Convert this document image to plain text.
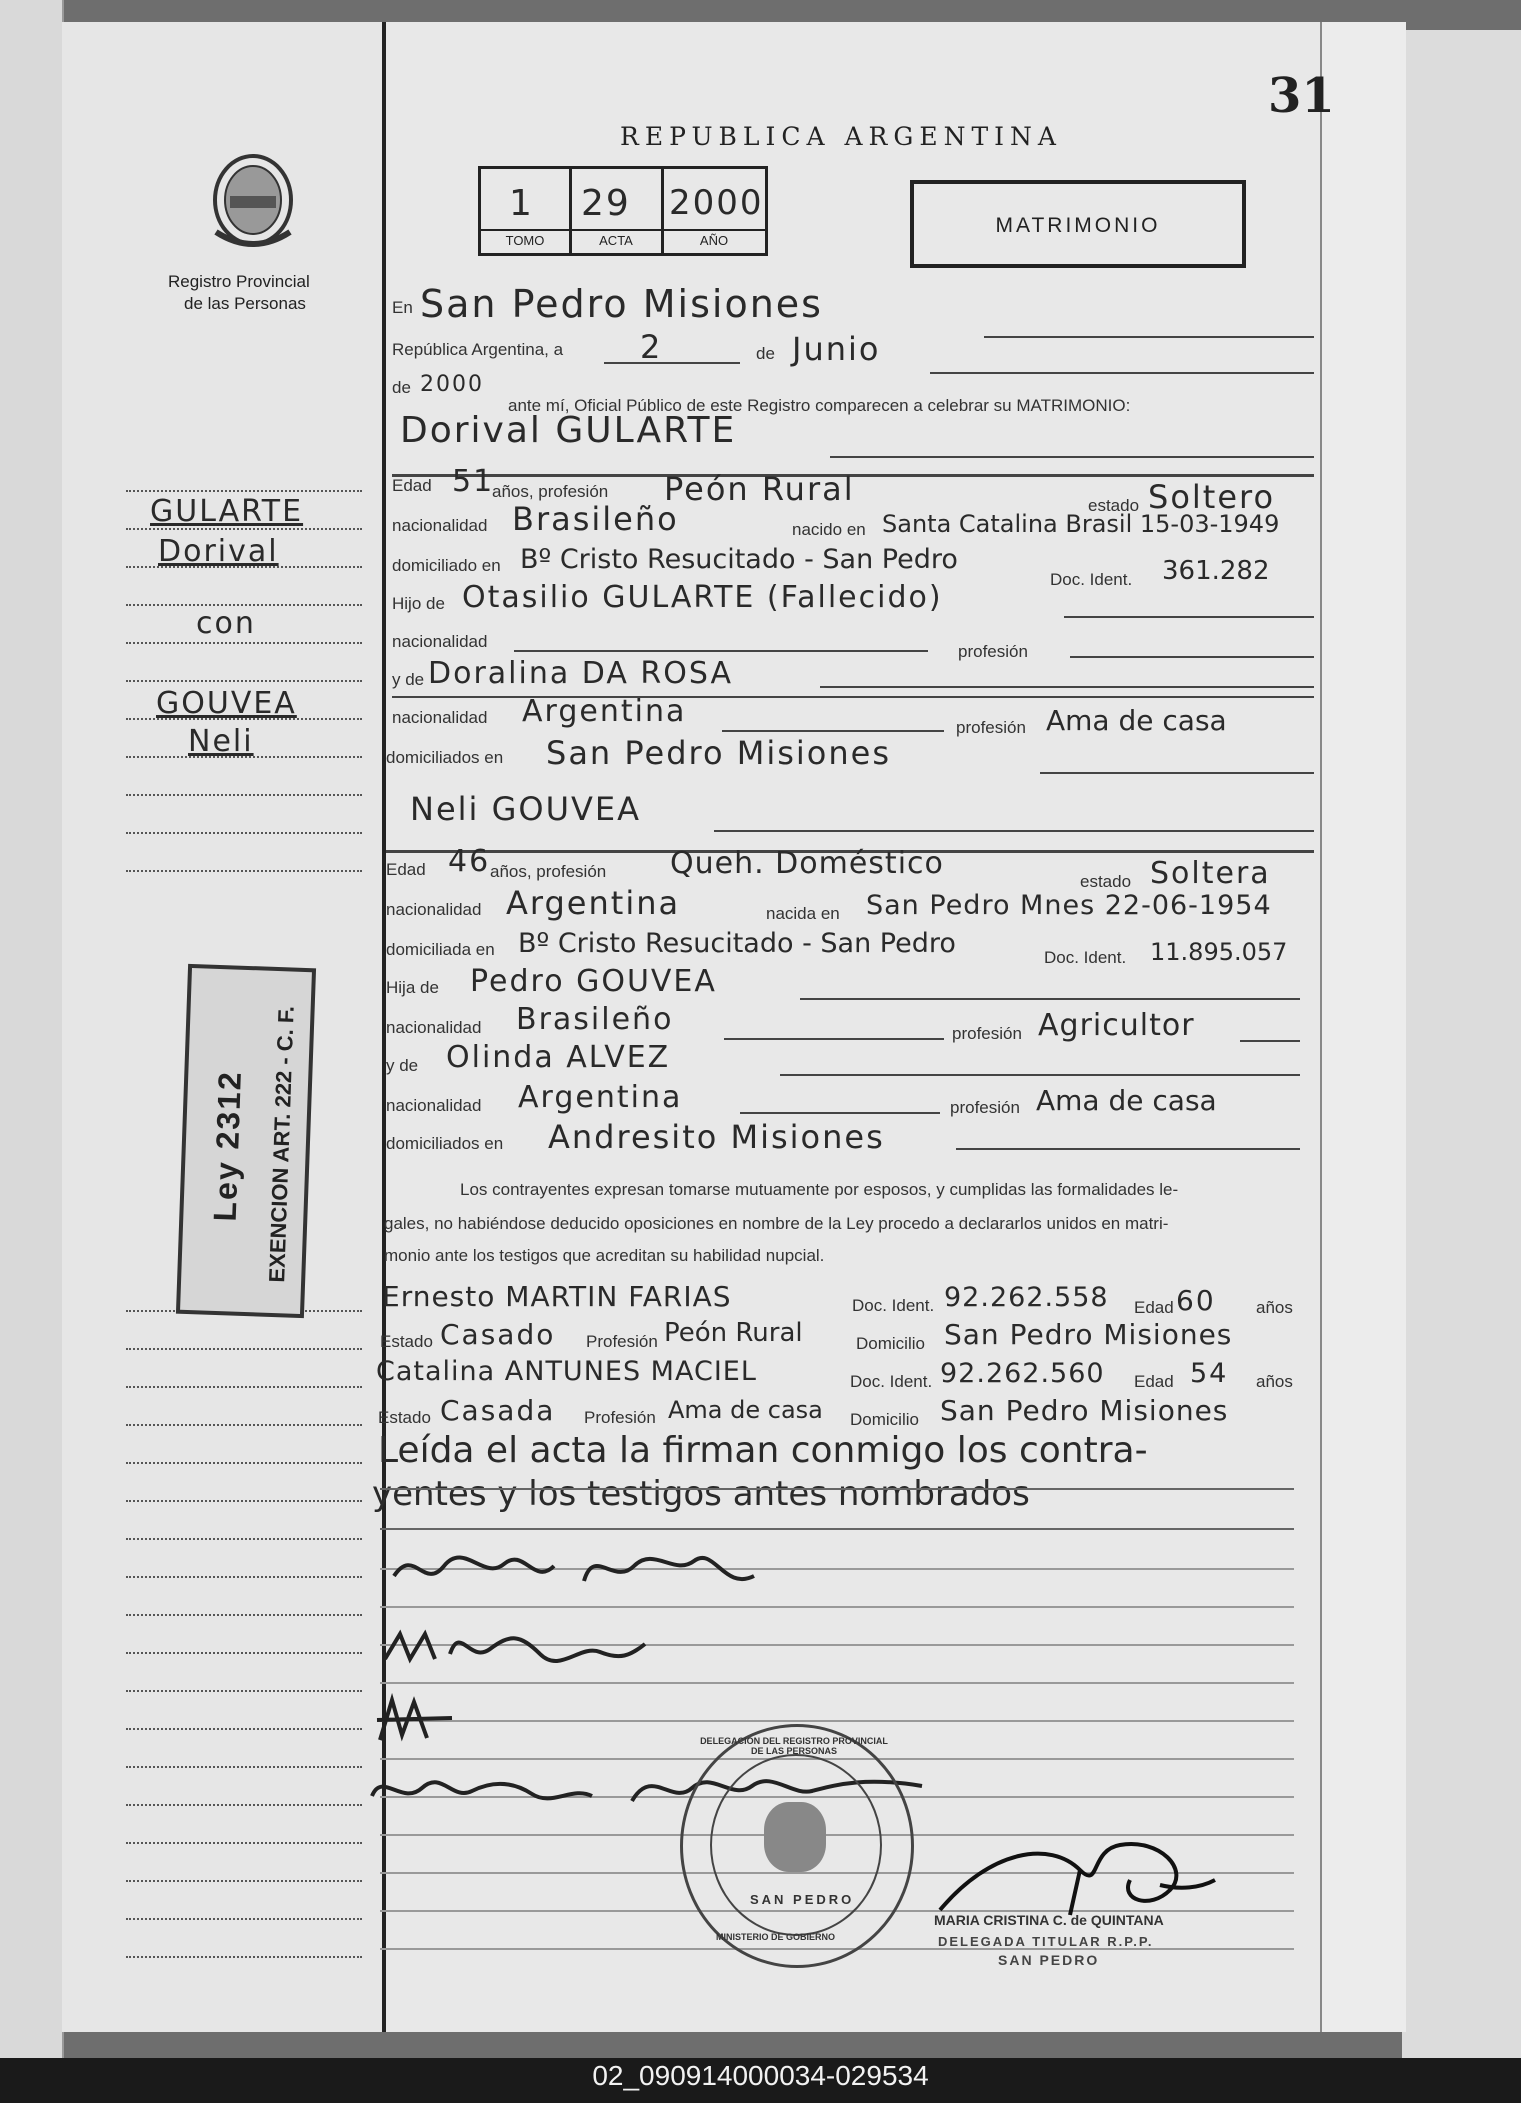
31
REPUBLICA ARGENTINA
MATRIMONIO
1 29 2000
TOMO	ACTA	AÑO
Registro Provincial
de las Personas
GULARTE
Dorival
con
GOUVEA
Neli
Ley 2312 EXENCION ART. 222 - C. F.
En San Pedro Misiones
República Argentina, a 2	de Junio
de 2000
ante mí, Oficial Público de este Registro comparecen a celebrar su MATRIMONIO:
Dorival GULARTE
Edad 51
años, profesión Peón Rural	estado Soltero
nacionalidad Brasileño	nacido en Santa Catalina Brasil 15-03-1949
domiciliado en Bº Cristo Resucitado - San Pedro
Doc. Ident. 361.282
Hijo de Otasilio GULARTE (Fallecido)
nacionalidad
profesión
y de Doralina DA ROSA
nacionalidad Argentina	profesión Ama de casa
domiciliados en San Pedro Misiones
Neli GOUVEA
Edad 46 años, profesión Queh. Doméstico
estado Soltera
nacionalidad Argentina	nacida en San Pedro Mnes 22-06-1954
domiciliada en Bº Cristo Resucitado - San Pedro	Doc. Ident. 11.895.057
Hija de Pedro GOUVEA
nacionalidad Brasileño	profesión Agricultor
y de Olinda ALVEZ
nacionalidad Argentina	profesión Ama de casa
domiciliados en Andresito Misiones
Los contrayentes expresan tomarse mutuamente por esposos, y cumplidas las formalidades le-
gales, no habiéndose deducido oposiciones en nombre de la Ley procedo a declararlos unidos en matri-
monio ante los testigos que acreditan su habilidad nupcial.
Ernesto MARTIN FARIAS	Doc. Ident. 92.262.558 Edad 60 años
Estado Casado Profesión Peón Rural	Domicilio San Pedro Misiones
Catalina ANTUNES MACIEL	Doc. Ident. 92.262.560 Edad 54 años
Estado Casada Profesión Ama de casa Domicilio San Pedro Misiones
Leída el acta la firman conmigo los contra-
yentes y los testigos antes nombrados
DELEGACION DEL REGISTRO PROVINCIAL DE LAS PERSONAS
SAN PEDRO
MINISTERIO DE GOBIERNO
MARIA CRISTINA C. de QUINTANA
DELEGADA TITULAR R.P.P.
SAN PEDRO
02_090914000034-029534
